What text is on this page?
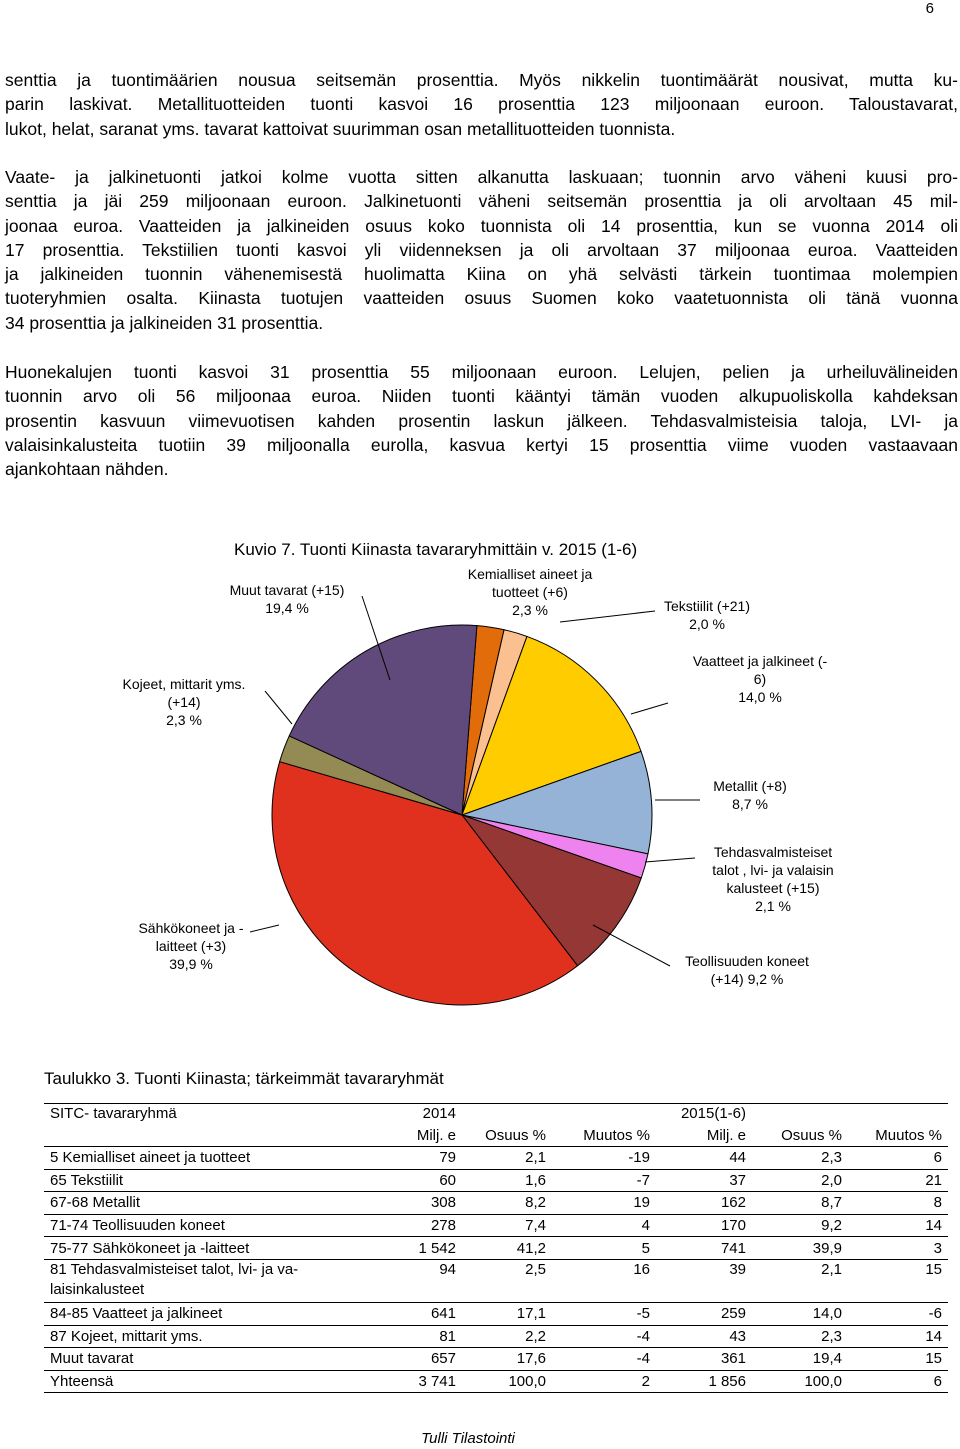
6
senttia ja tuontimäärien nousua seitsemän prosenttia. Myös nikkelin tuontimäärät nousivat, mutta ku-
parin laskivat. Metallituotteiden tuonti kasvoi 16 prosenttia 123 miljoonaan euroon. Taloustavarat,
lukot, helat, saranat yms. tavarat kattoivat suurimman osan metallituotteiden tuonnista.
Vaate- ja jalkinetuonti jatkoi kolme vuotta sitten alkanutta laskuaan; tuonnin arvo väheni kuusi pro-
senttia ja jäi 259 miljoonaan euroon. Jalkinetuonti väheni seitsemän prosenttia ja oli arvoltaan 45 mil-
joonaa euroa. Vaatteiden ja jalkineiden osuus koko tuonnista oli 14 prosenttia, kun se vuonna 2014 oli
17 prosenttia. Tekstiilien tuonti kasvoi yli viidenneksen ja oli arvoltaan 37 miljoonaa euroa. Vaatteiden
ja jalkineiden tuonnin vähenemisestä huolimatta Kiina on yhä selvästi tärkein tuontimaa molempien
tuoteryhmien osalta. Kiinasta tuotujen vaatteiden osuus Suomen koko vaatetuonnista oli tänä vuonna
34 prosenttia ja jalkineiden 31 prosenttia.
Huonekalujen tuonti kasvoi 31 prosenttia 55 miljoonaan euroon. Lelujen, pelien ja urheiluvälineiden
tuonnin arvo oli 56 miljoonaa euroa. Niiden tuonti kääntyi tämän vuoden alkupuoliskolla kahdeksan
prosentin kasvuun viimevuotisen kahden prosentin laskun jälkeen. Tehdasvalmisteisia taloja, LVI- ja
valaisinkalusteita tuotiin 39 miljoonalla eurolla, kasvua kertyi 15 prosenttia viime vuoden vastaavaan
ajankohtaan nähden.
Kuvio 7. Tuonti Kiinasta tavararyhmittäin v. 2015 (1-6)
Kemialliset aineet ja tuotteet (+6) 2,3 %	Tekstiilit (+21) 2,0 %
Vaatteet ja jalkineet (-6) 14,0 %
Metallit (+8) 8,7 %
Tehdasvalmisteiset talot , lvi- ja valaisin kalusteet (+15) 2,1 %
Teollisuuden koneet (+14) 9,2 %
Sähkökoneet ja -laitteet (+3) 39,9 %
Kojeet, mittarit yms. (+14) 2,3 %
Muut tavarat (+15) 19,4 %
Taulukko 3. Tuonti Kiinasta; tärkeimmät tavararyhmät
SITC- tavararyhmä	2014			2015(1-6)		
	Milj. e	Osuus %	Muutos %	Milj. e	Osuus %	Muutos %
5 Kemialliset aineet ja tuotteet	79	2,1	-19	44	2,3	6
65 Tekstiilit	60	1,6	-7	37	2,0	21
67-68 Metallit	308	8,2	19	162	8,7	8
71-74 Teollisuuden koneet	278	7,4	4	170	9,2	14
75-77 Sähkökoneet ja -laitteet	1 542	41,2	5	741	39,9	3
81 Tehdasvalmisteiset talot, lvi- ja va-laisinkalusteet	94	2,5	16	39	2,1	15
84-85 Vaatteet ja jalkineet	641	17,1	-5	259	14,0	-6
87 Kojeet, mittarit yms.	81	2,2	-4	43	2,3	14
Muut tavarat	657	17,6	-4	361	19,4	15
Yhteensä	3 741	100,0	2	1 856	100,0	6
Tulli Tilastointi
